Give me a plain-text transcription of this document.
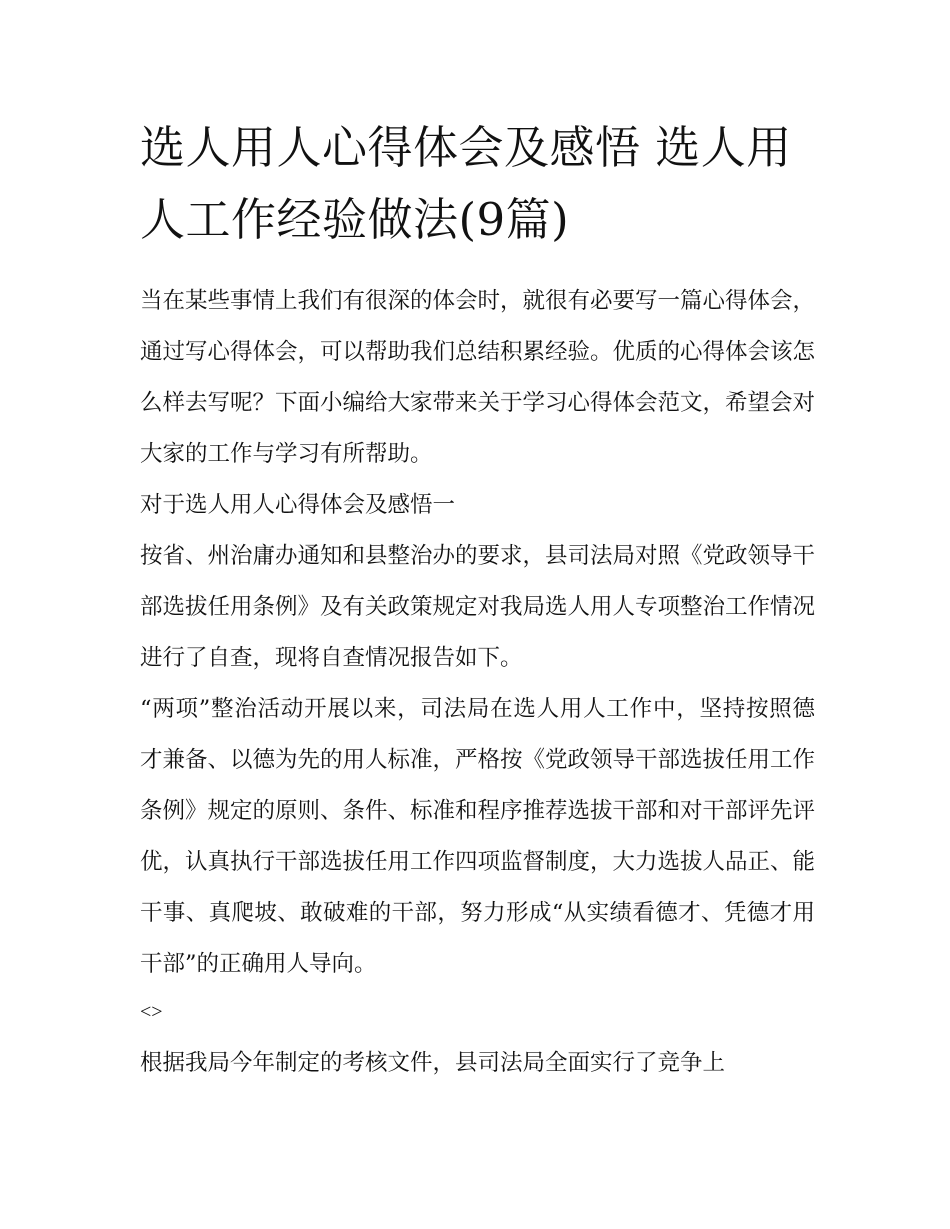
选人用人心得体会及感悟 选人用人工作经验做法(9篇)

当在某些事情上我们有很深的体会时，就很有必要写一篇心得体会，通过写心得体会，可以帮助我们总结积累经验。优质的心得体会该怎么样去写呢？下面小编给大家带来关于学习心得体会范文，希望会对大家的工作与学习有所帮助。

对于选人用人心得体会及感悟一

按省、州治庸办通知和县整治办的要求，县司法局对照《党政领导干部选拔任用条例》及有关政策规定对我局选人用人专项整治工作情况进行了自查，现将自查情况报告如下。

“两项”整治活动开展以来，司法局在选人用人工作中，坚持按照德才兼备、以德为先的用人标准，严格按《党政领导干部选拔任用工作条例》规定的原则、条件、标准和程序推荐选拔干部和对干部评先评优，认真执行干部选拔任用工作四项监督制度，大力选拔人品正、能干事、真爬坡、敢破难的干部，努力形成“从实绩看德才、凭德才用干部”的正确用人导向。

<>

根据我局今年制定的考核文件，县司法局全面实行了竞争上
